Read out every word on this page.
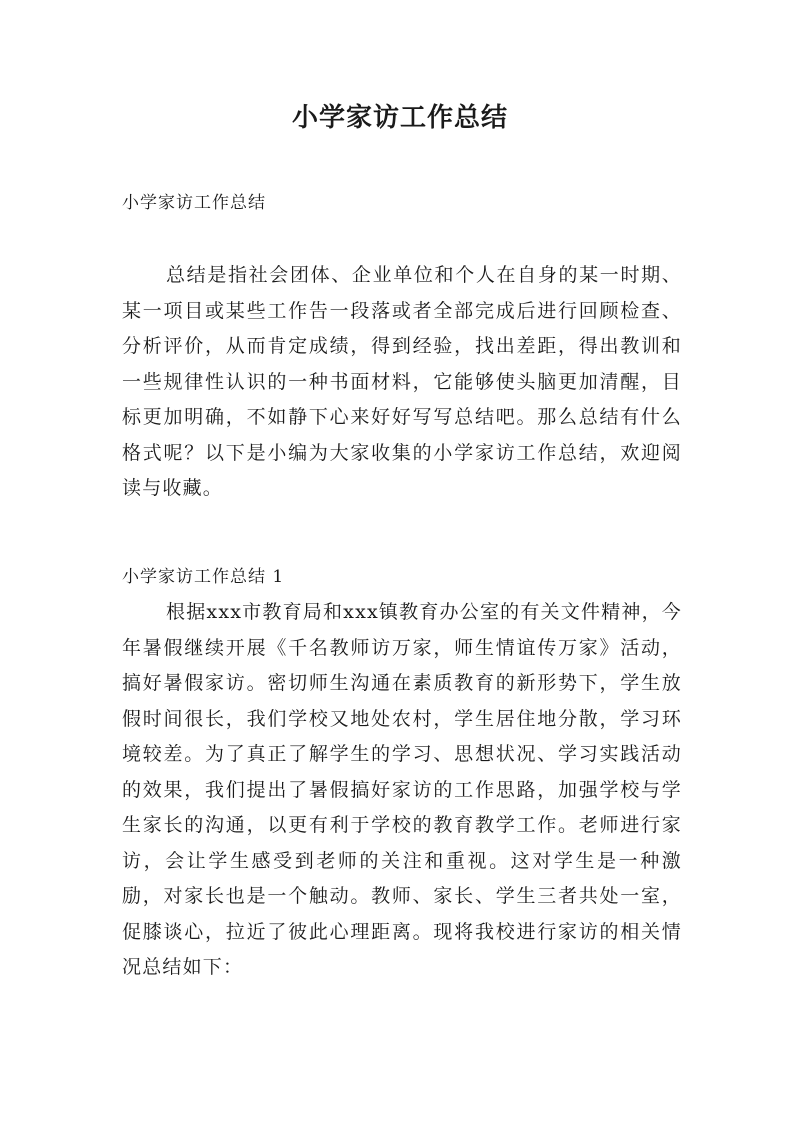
小学家访工作总结
小学家访工作总结

总结是指社会团体、企业单位和个人在自身的某一时期、某一项目或某些工作告一段落或者全部完成后进行回顾检查、分析评价，从而肯定成绩，得到经验，找出差距，得出教训和一些规律性认识的一种书面材料，它能够使头脑更加清醒，目标更加明确，不如静下心来好好写写总结吧。那么总结有什么格式呢？以下是小编为大家收集的小学家访工作总结，欢迎阅读与收藏。

小学家访工作总结 1

根据xxx市教育局和xxx镇教育办公室的有关文件精神，今年暑假继续开展《千名教师访万家，师生情谊传万家》活动，搞好暑假家访。密切师生沟通在素质教育的新形势下，学生放假时间很长，我们学校又地处农村，学生居住地分散，学习环境较差。为了真正了解学生的学习、思想状况、学习实践活动的效果，我们提出了暑假搞好家访的工作思路，加强学校与学生家长的沟通，以更有利于学校的教育教学工作。老师进行家访，会让学生感受到老师的关注和重视。这对学生是一种激励，对家长也是一个触动。教师、家长、学生三者共处一室，促膝谈心，拉近了彼此心理距离。现将我校进行家访的相关情况总结如下：
